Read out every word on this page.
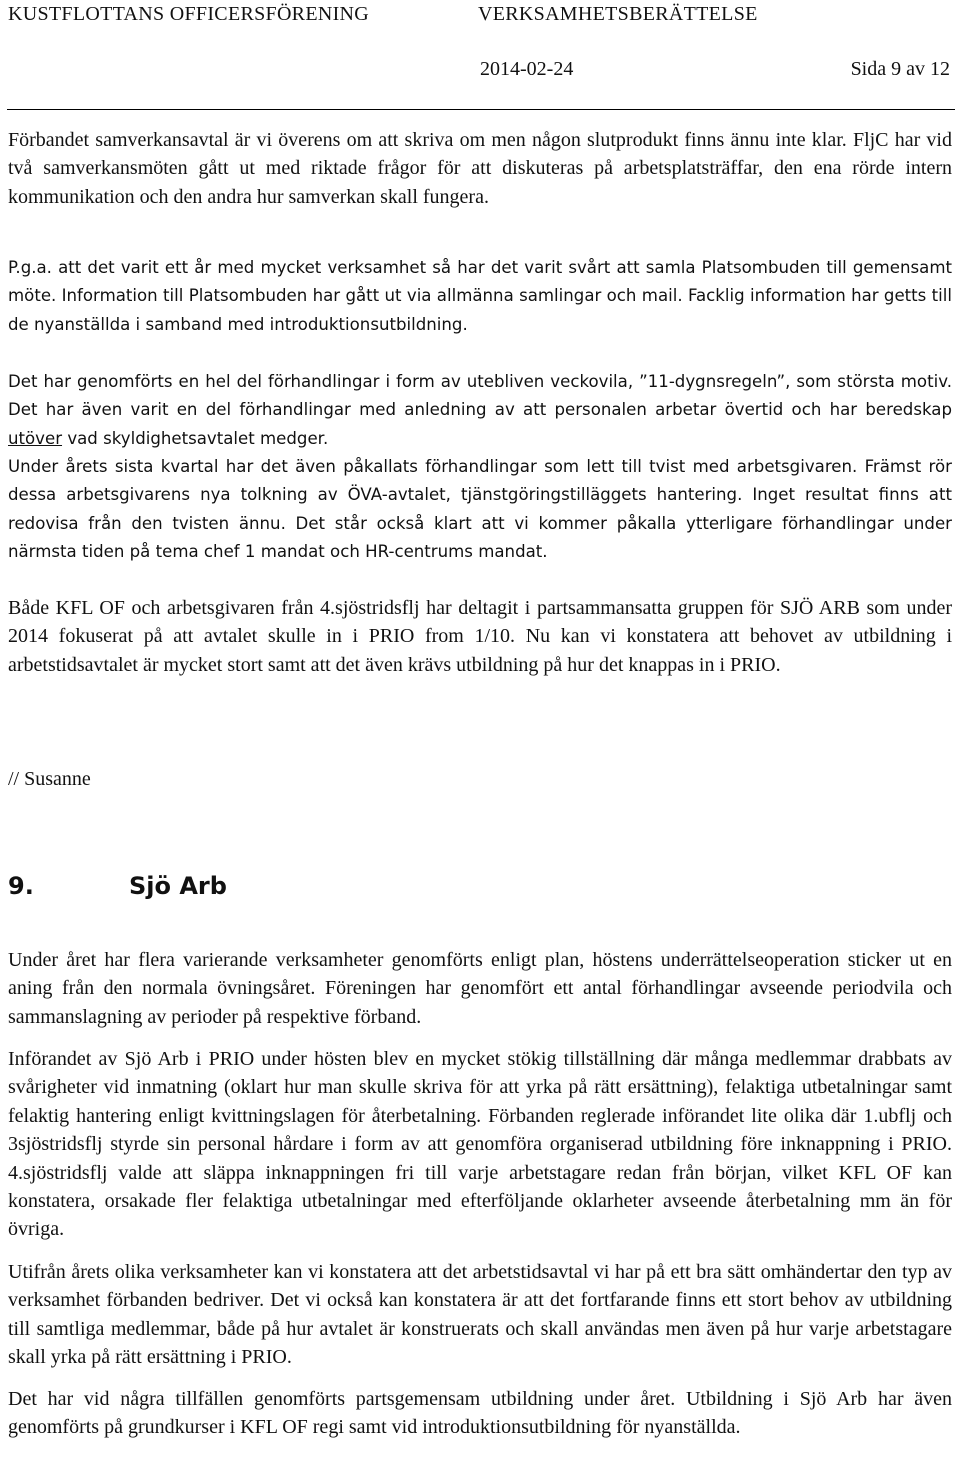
KUSTFLOTTANS OFFICERSFÖRENING	VERKSAMHETSBERÄTTELSE
2014-02-24	Sida 9 av 12

Förbandet samverkansavtal är vi överens om att skriva om men någon slutprodukt finns ännu inte klar. FljC har vid två samverkansmöten gått ut med riktade frågor för att diskuteras på arbetsplatsträffar, den ena rörde intern kommunikation och den andra hur samverkan skall fungera.

P.g.a. att det varit ett år med mycket verksamhet så har det varit svårt att samla Platsombuden till gemensamt möte. Information till Platsombuden har gått ut via allmänna samlingar och mail. Facklig information har getts till de nyanställda i samband med introduktionsutbildning.

Det har genomförts en hel del förhandlingar i form av utebliven veckovila, ”11-dygnsregeln”, som största motiv. Det har även varit en del förhandlingar med anledning av att personalen arbetar övertid och har beredskap utöver vad skyldighetsavtalet medger.

Under årets sista kvartal har det även påkallats förhandlingar som lett till tvist med arbetsgivaren. Främst rör dessa arbetsgivarens nya tolkning av ÖVA-avtalet, tjänstgöringstilläggets hantering. Inget resultat finns att redovisa från den tvisten ännu. Det står också klart att vi kommer påkalla ytterligare förhandlingar under närmsta tiden på tema chef 1 mandat och HR-centrums mandat.

Både KFL OF och arbetsgivaren från 4.sjöstridsflj har deltagit i partsammansatta gruppen för SJÖ ARB som under 2014 fokuserat på att avtalet skulle in i PRIO from 1/10. Nu kan vi konstatera att behovet av utbildning i arbetstidsavtalet är mycket stort samt att det även krävs utbildning på hur det knappas in i PRIO.

// Susanne

9.	Sjö Arb

Under året har flera varierande verksamheter genomförts enligt plan, höstens underrättelseoperation sticker ut en aning från den normala övningsåret. Föreningen har genomfört ett antal förhandlingar avseende periodvila och sammanslagning av perioder på respektive förband.

Införandet av Sjö Arb i PRIO under hösten blev en mycket stökig tillställning där många medlemmar drabbats av svårigheter vid inmatning (oklart hur man skulle skriva för att yrka på rätt ersättning), felaktiga utbetalningar samt felaktig hantering enligt kvittningslagen för återbetalning. Förbanden reglerade införandet lite olika där 1.ubflj och 3sjöstridsflj styrde sin personal hårdare i form av att genomföra organiserad utbildning före inknappning i PRIO. 4.sjöstridsflj valde att släppa inknappningen fri till varje arbetstagare redan från början, vilket KFL OF kan konstatera, orsakade fler felaktiga utbetalningar med efterföljande oklarheter avseende återbetalning mm än för övriga.

Utifrån årets olika verksamheter kan vi konstatera att det arbetstidsavtal vi har på ett bra sätt omhändertar den typ av verksamhet förbanden bedriver. Det vi också kan konstatera är att det fortfarande finns ett stort behov av utbildning till samtliga medlemmar, både på hur avtalet är konstruerats och skall användas men även på hur varje arbetstagare skall yrka på rätt ersättning i PRIO.

Det har vid några tillfällen genomförts partsgemensam utbildning under året. Utbildning i Sjö Arb har även genomförts på grundkurser i KFL OF regi samt vid introduktionsutbildning för nyanställda.
